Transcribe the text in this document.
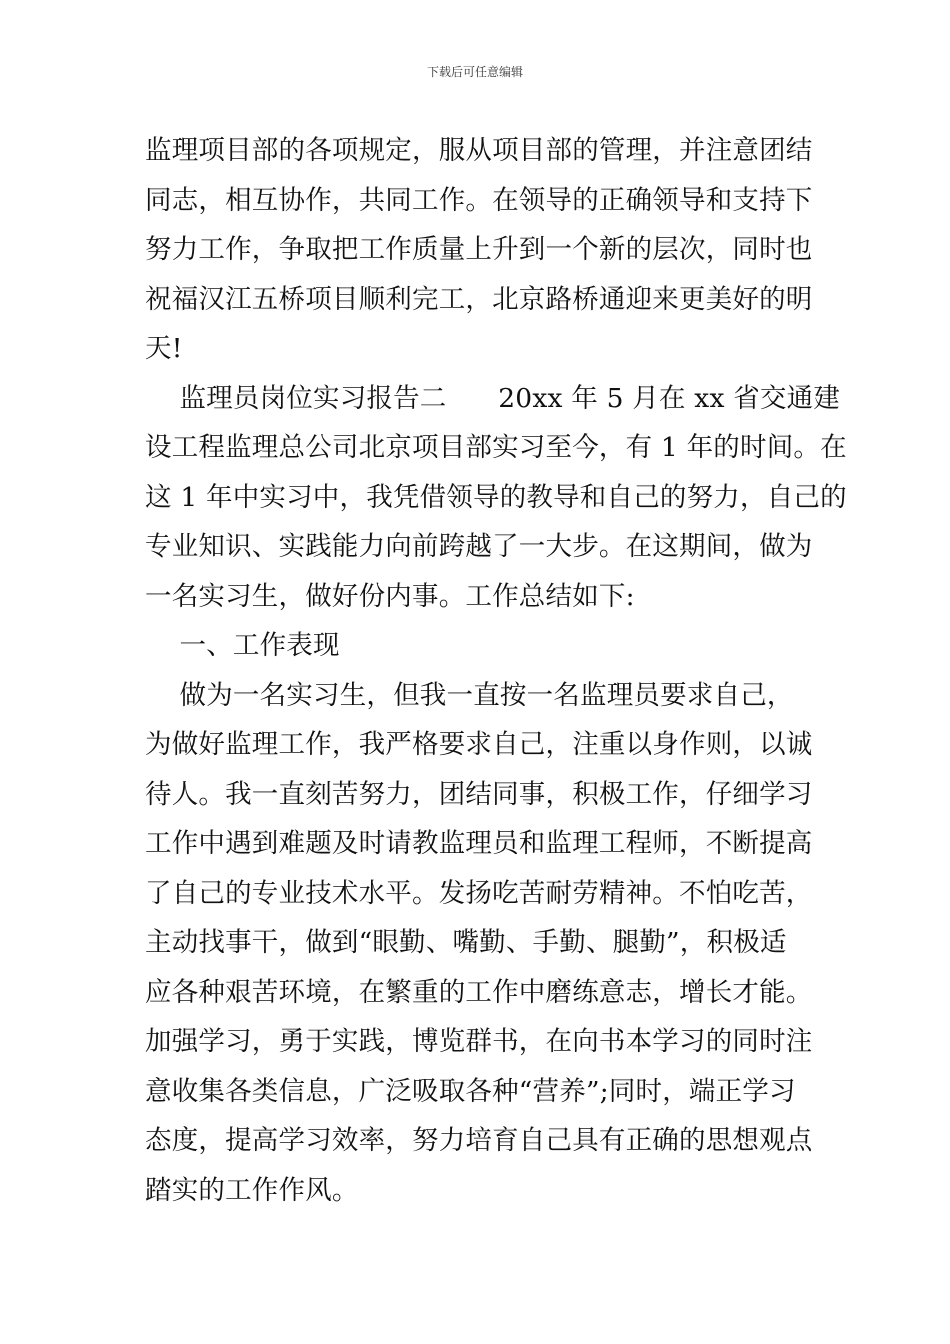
下载后可任意编辑
监理项目部的各项规定，服从项目部的管理，并注意团结
同志，相互协作，共同工作。在领导的正确领导和支持下
努力工作，争取把工作质量上升到一个新的层次，同时也
祝福汉江五桥项目顺利完工，北京路桥通迎来更美好的明
天!
监理员岗位实习报告二      20xx 年 5 月在 xx 省交通建
设工程监理总公司北京项目部实习至今，有 1 年的时间。在
这 1 年中实习中，我凭借领导的教导和自己的努力，自己的
专业知识、实践能力向前跨越了一大步。在这期间，做为
一名实习生，做好份内事。工作总结如下:
一、工作表现
做为一名实习生，但我一直按一名监理员要求自己，
为做好监理工作，我严格要求自己，注重以身作则，以诚
待人。我一直刻苦努力，团结同事，积极工作，仔细学习
工作中遇到难题及时请教监理员和监理工程师，不断提高
了自己的专业技术水平。发扬吃苦耐劳精神。不怕吃苦，
主动找事干，做到“眼勤、嘴勤、手勤、腿勤”，积极适
应各种艰苦环境，在繁重的工作中磨练意志，增长才能。
加强学习，勇于实践，博览群书，在向书本学习的同时注
意收集各类信息，广泛吸取各种“营养”;同时，端正学习
态度，提高学习效率，努力培育自己具有正确的思想观点
踏实的工作作风。
